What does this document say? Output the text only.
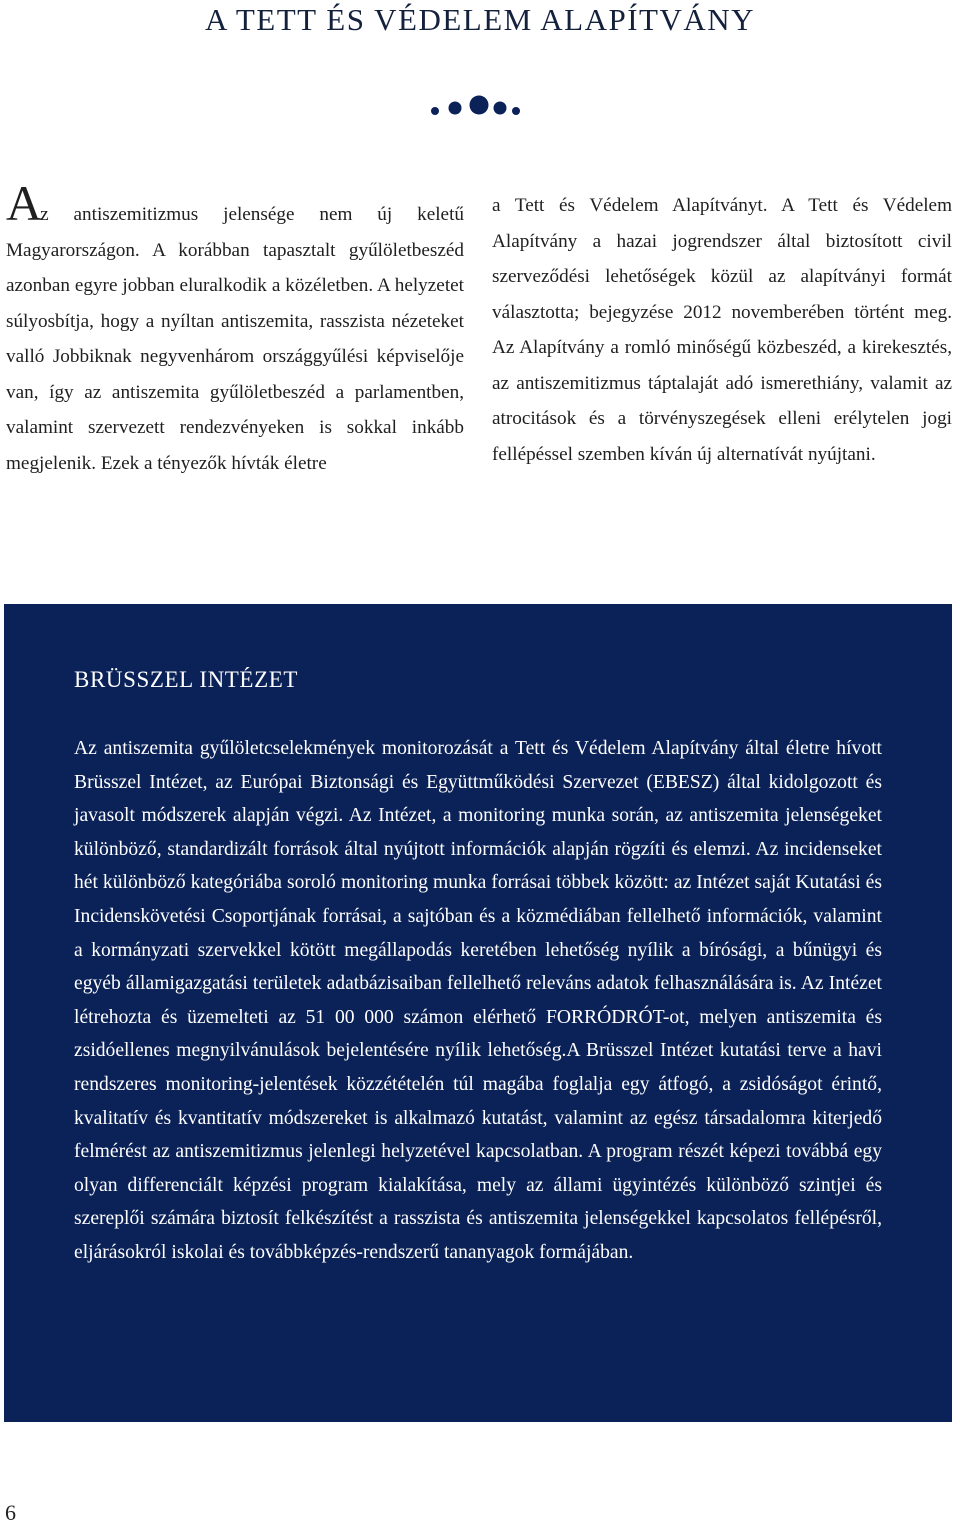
A TETT ÉS VÉDELEM ALAPÍTVÁNY

Az antiszemitizmus jelensége nem új keletű Magyarországon. A korábban tapasztalt gyűlöletbeszéd azonban egyre jobban eluralkodik a közéletben. A helyzetet súlyosbítja, hogy a nyíltan antiszemita, rasszista nézeteket valló Jobbiknak negyvenhárom országgyűlési képviselője van, így az antiszemita gyűlöletbeszéd a parlamentben, valamint szervezett rendezvényeken is sokkal inkább megjelenik. Ezek a tényezők hívták életre

a Tett és Védelem Alapítványt. A Tett és Védelem Alapítvány a hazai jogrendszer által biztosított civil szerveződési lehetőségek közül az alapítványi formát választotta; bejegyzése 2012 novemberében történt meg. Az Alapítvány a romló minőségű közbeszéd, a kirekesztés, az antiszemitizmus táptalaját adó ismerethiány, valamit az atrocitások és a törvényszegések elleni erélytelen jogi fellépéssel szemben kíván új alternatívát nyújtani.

BRÜSSZEL INTÉZET

Az antiszemita gyűlöletcselekmények monitorozását a Tett és Védelem Alapítvány által életre hívott Brüsszel Intézet, az Európai Biztonsági és Együttműködési Szervezet (EBESZ) által kidolgozott és javasolt módszerek alapján végzi. Az Intézet, a monitoring munka során, az antiszemita jelenségeket különböző, standardizált források által nyújtott információk alapján rögzíti és elemzi. Az incidenseket hét különböző kategóriába soroló monitoring munka forrásai többek között: az Intézet saját Kutatási és Incidenskövetési Csoportjának forrásai, a sajtóban és a közmédiában fellelhető információk, valamint a kormányzati szervekkel kötött megállapodás keretében lehetőség nyílik a bírósági, a bűnügyi és egyéb államigazgatási területek adatbázisaiban fellelhető releváns adatok felhasználására is. Az Intézet létrehozta és üzemelteti az 51 00 000 számon elérhető FORRÓDRÓT-ot, melyen antiszemita és zsidóellenes megnyilvánulások bejelentésére nyílik lehetőség.A Brüsszel Intézet kutatási terve a havi rendszeres monitoring-jelentések közzétételén túl magába foglalja egy átfogó, a zsidóságot érintő, kvalitatív és kvantitatív módszereket is alkalmazó kutatást, valamint az egész társadalomra kiterjedő felmérést az antiszemitizmus jelenlegi helyzetével kapcsolatban. A program részét képezi továbbá egy olyan differenciált képzési program kialakítása, mely az állami ügyintézés különböző szintjei és szereplői számára biztosít felkészítést a rasszista és antiszemita jelenségekkel kapcsolatos fellépésről, eljárásokról iskolai és továbbképzés-rendszerű tananyagok formájában.

6
